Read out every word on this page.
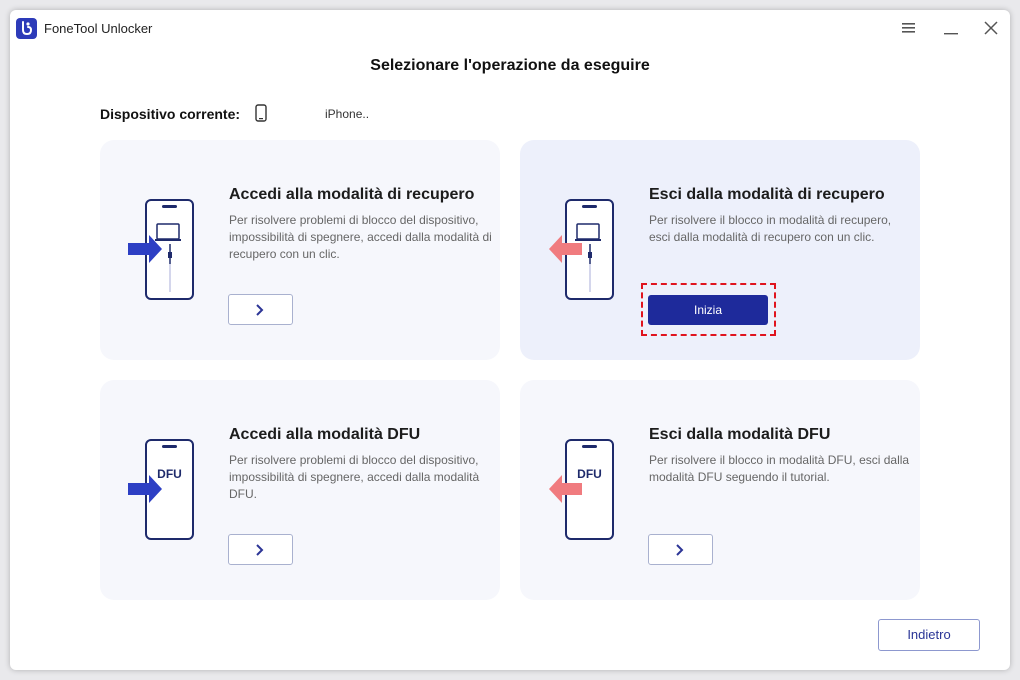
FoneTool Unlocker
Selezionare l'operazione da eseguire
Dispositivo corrente:	iPhone..
Accedi alla modalità di recupero
Per risolvere problemi di blocco del dispositivo, impossibilità di spegnere, accedi dalla modalità di recupero con un clic.
Esci dalla modalità di recupero
Per risolvere il blocco in modalità di recupero, esci dalla modalità di recupero con un clic.
Inizia
DFU
Accedi alla modalità DFU
Per risolvere problemi di blocco del dispositivo, impossibilità di spegnere, accedi dalla modalità DFU.
DFU
Esci dalla modalità DFU
Per risolvere il blocco in modalità DFU, esci dalla modalità DFU seguendo il tutorial.
Indietro
